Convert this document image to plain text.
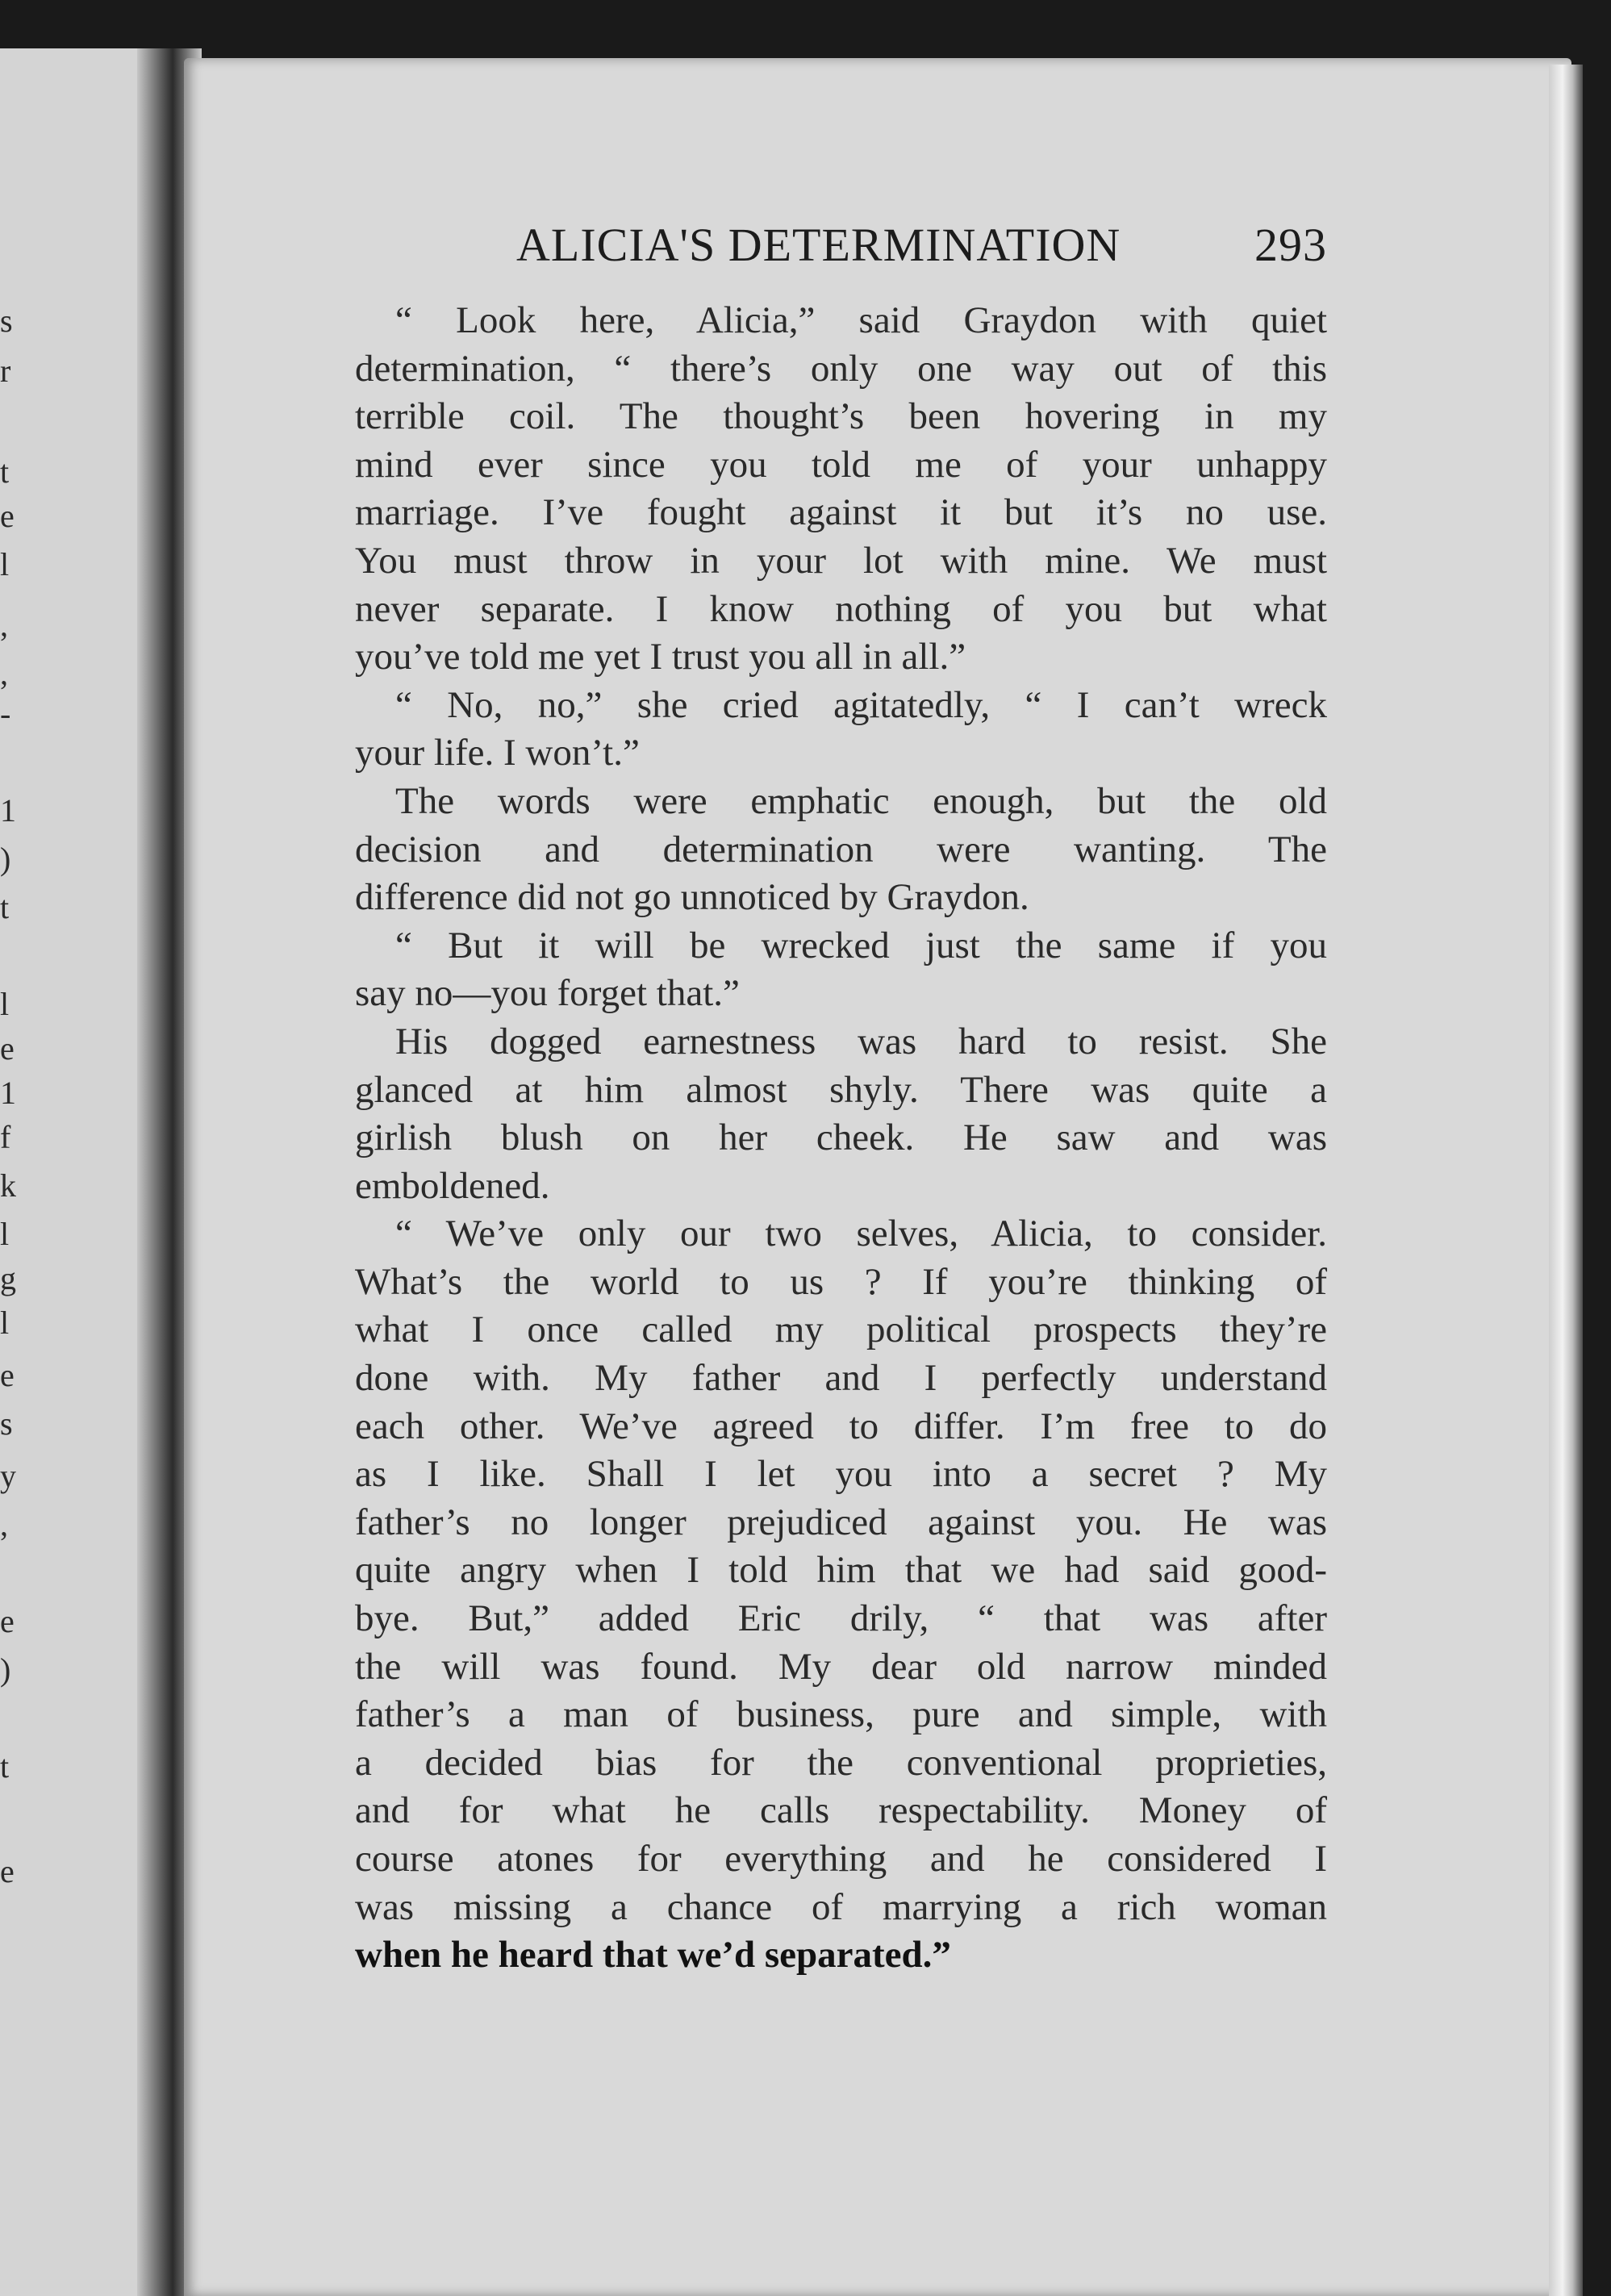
s
r
t
e
l
,
,
-
1
)
t
l
e
1
f
k
l
g
l
e
s
y
,
e
)
t
e
ALICIA'S DETERMINATION	293
“ Look here, Alicia,” said Graydon with quiet
determination, “ there’s only one way out of this
terrible coil. The thought’s been hovering in my
mind ever since you told me of your unhappy
marriage. I’ve fought against it but it’s no use.
You must throw in your lot with mine. We must
never separate. I know nothing of you but what
you’ve told me yet I trust you all in all.”
“ No, no,” she cried agitatedly, “ I can’t wreck
your life. I won’t.”
The words were emphatic enough, but the old
decision and determination were wanting. The
difference did not go unnoticed by Graydon.
“ But it will be wrecked just the same if you
say no—you forget that.”
His dogged earnestness was hard to resist. She
glanced at him almost shyly. There was quite a
girlish blush on her cheek. He saw and was
emboldened.
“ We’ve only our two selves, Alicia, to consider.
What’s the world to us ? If you’re thinking of
what I once called my political prospects they’re
done with. My father and I perfectly understand
each other. We’ve agreed to differ. I’m free to do
as I like. Shall I let you into a secret ? My
father’s no longer prejudiced against you. He was
quite angry when I told him that we had said good-
bye. But,” added Eric drily, “ that was after
the will was found. My dear old narrow minded
father’s a man of business, pure and simple, with
a decided bias for the conventional proprieties,
and for what he calls respectability. Money of
course atones for everything and he considered I
was missing a chance of marrying a rich woman
when he heard that we’d separated.”
